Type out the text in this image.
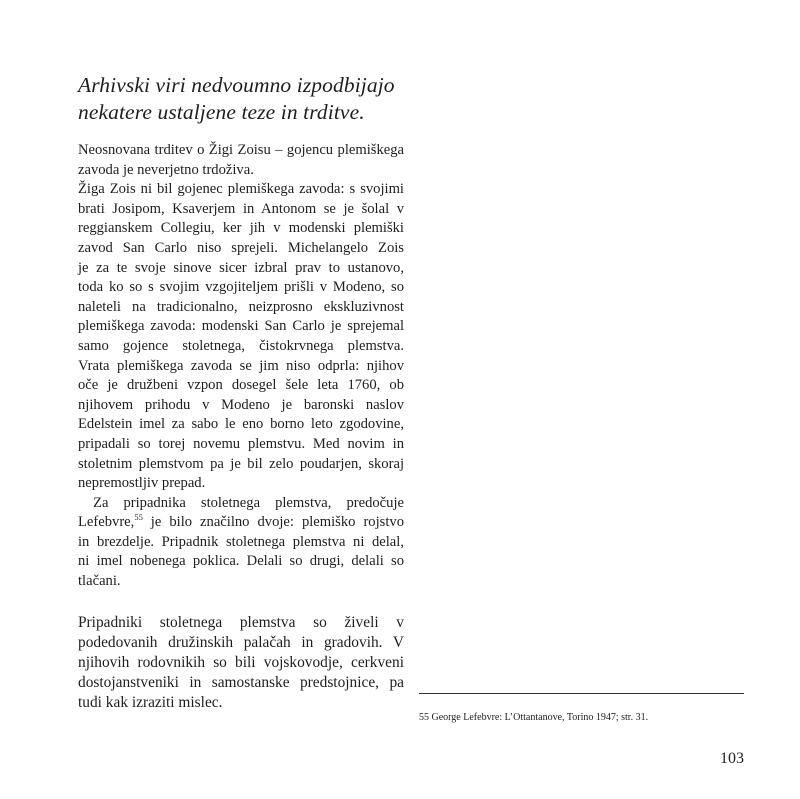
Arhivski viri nedvoumno izpodbijajo
nekatere ustaljene teze in trditve.

Neosnovana trditev o Žigi Zoisu – gojencu plemiškega
zavoda je neverjetno trdoživa.

Žiga Zois ni bil gojenec plemiškega zavoda: s svojimi
brati Josipom, Ksaverjem in Antonom se je šolal v
reggianskem Collegiu, ker jih v modenski plemiški
zavod San Carlo niso sprejeli. Michelangelo Zois
je za te svoje sinove sicer izbral prav to ustanovo,
toda ko so s svojim vzgojiteljem prišli v Modeno, so
naleteli na tradicionalno, neizprosno ekskluzivnost
plemiškega zavoda: modenski San Carlo je sprejemal
samo gojence stoletnega, čistokrvnega plemstva.
Vrata plemiškega zavoda se jim niso odprla: njihov
oče je družbeni vzpon dosegel šele leta 1760, ob
njihovem prihodu v Modeno je baronski naslov
Edelstein imel za sabo le eno borno leto zgodovine,
pripadali so torej novemu plemstvu. Med novim in
stoletnim plemstvom pa je bil zelo poudarjen, skoraj
nepremostljiv prepad.

Za pripadnika stoletnega plemstva, predočuje
Lefebvre,$^{55}$ je bilo značilno dvoje: plemiško rojstvo
in brezdelje. Pripadnik stoletnega plemstva ni delal,
ni imel nobenega poklica. Delali so drugi, delali so
tlačani.

Pripadniki stoletnega plemstva so živeli v
podedovanih družinskih palačah in gradovih. V
njihovih rodovnikih so bili vojskovodje, cerkveni
dostojanstveniki in samostanske predstojnice, pa
tudi kak izraziti mislec.

55 George Lefebvre: L’Ottantanove, Torino 1947; str. 31.

103
